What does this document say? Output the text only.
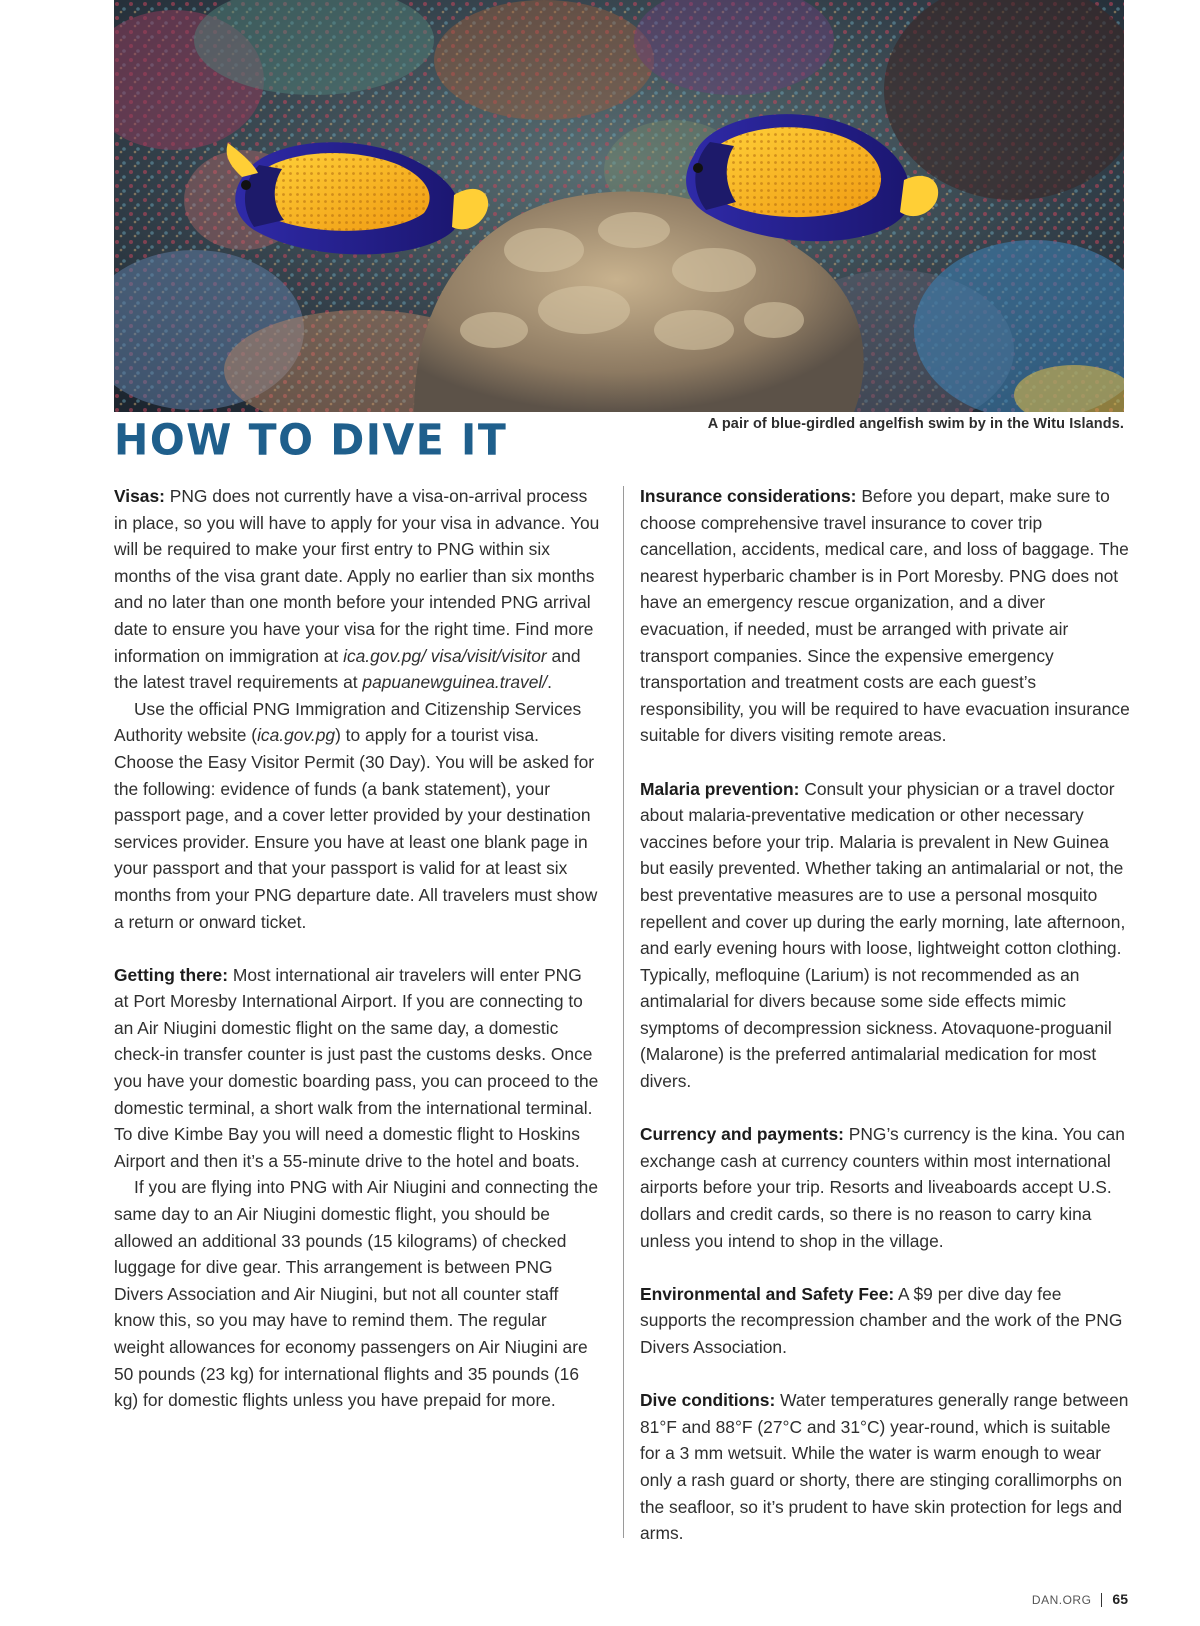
A pair of blue-girdled angelfish swim by in the Witu Islands.
HOW TO DIVE IT

Visas: PNG does not currently have a visa-on-arrival process in place, so you will have to apply for your visa in advance. You will be required to make your first entry to PNG within six months of the visa grant date. Apply no earlier than six months and no later than one month before your intended PNG arrival date to ensure you have your visa for the right time. Find more information on immigration at ica.gov.pg/ visa/visit/visitor and the latest travel requirements at papuanewguinea.travel/.

Use the official PNG Immigration and Citizenship Services Authority website (ica.gov.pg) to apply for a tourist visa. Choose the Easy Visitor Permit (30 Day). You will be asked for the following: evidence of funds (a bank statement), your passport page, and a cover letter provided by your destination services provider. Ensure you have at least one blank page in your passport and that your passport is valid for at least six months from your PNG departure date. All travelers must show a return or onward ticket.

Getting there: Most international air travelers will enter PNG at Port Moresby International Airport. If you are connecting to an Air Niugini domestic flight on the same day, a domestic check-in transfer counter is just past the customs desks. Once you have your domestic boarding pass, you can proceed to the domestic terminal, a short walk from the international terminal. To dive Kimbe Bay you will need a domestic flight to Hoskins Airport and then it’s a 55-minute drive to the hotel and boats.

If you are flying into PNG with Air Niugini and connecting the same day to an Air Niugini domestic flight, you should be allowed an additional 33 pounds (15 kilograms) of checked luggage for dive gear. This arrangement is between PNG Divers Association and Air Niugini, but not all counter staff know this, so you may have to remind them. The regular weight allowances for economy passengers on Air Niugini are 50 pounds (23 kg) for international flights and 35 pounds (16 kg) for domestic flights unless you have prepaid for more.

Insurance considerations: Before you depart, make sure to choose comprehensive travel insurance to cover trip cancellation, accidents, medical care, and loss of baggage. The nearest hyperbaric chamber is in Port Moresby. PNG does not have an emergency rescue organization, and a diver evacuation, if needed, must be arranged with private air transport companies. Since the expensive emergency transportation and treatment costs are each guest’s responsibility, you will be required to have evacuation insurance suitable for divers visiting remote areas.

Malaria prevention: Consult your physician or a travel doctor about malaria-preventative medication or other necessary vaccines before your trip. Malaria is prevalent in New Guinea but easily prevented. Whether taking an antimalarial or not, the best preventative measures are to use a personal mosquito repellent and cover up during the early morning, late afternoon, and early evening hours with loose, lightweight cotton clothing. Typically, mefloquine (Larium) is not recommended as an antimalarial for divers because some side effects mimic symptoms of decompression sickness. Atovaquone-proguanil (Malarone) is the preferred antimalarial medication for most divers.

Currency and payments: PNG’s currency is the kina. You can exchange cash at currency counters within most international airports before your trip. Resorts and liveaboards accept U.S. dollars and credit cards, so there is no reason to carry kina unless you intend to shop in the village.

Environmental and Safety Fee: A $9 per dive day fee supports the recompression chamber and the work of the PNG Divers Association.

Dive conditions: Water temperatures generally range between 81°F and 88°F (27°C and 31°C) year-round, which is suitable for a 3 mm wetsuit. While the water is warm enough to wear only a rash guard or shorty, there are stinging corallimorphs on the seafloor, so it’s prudent to have skin protection for legs and arms.

DAN.ORG 65
